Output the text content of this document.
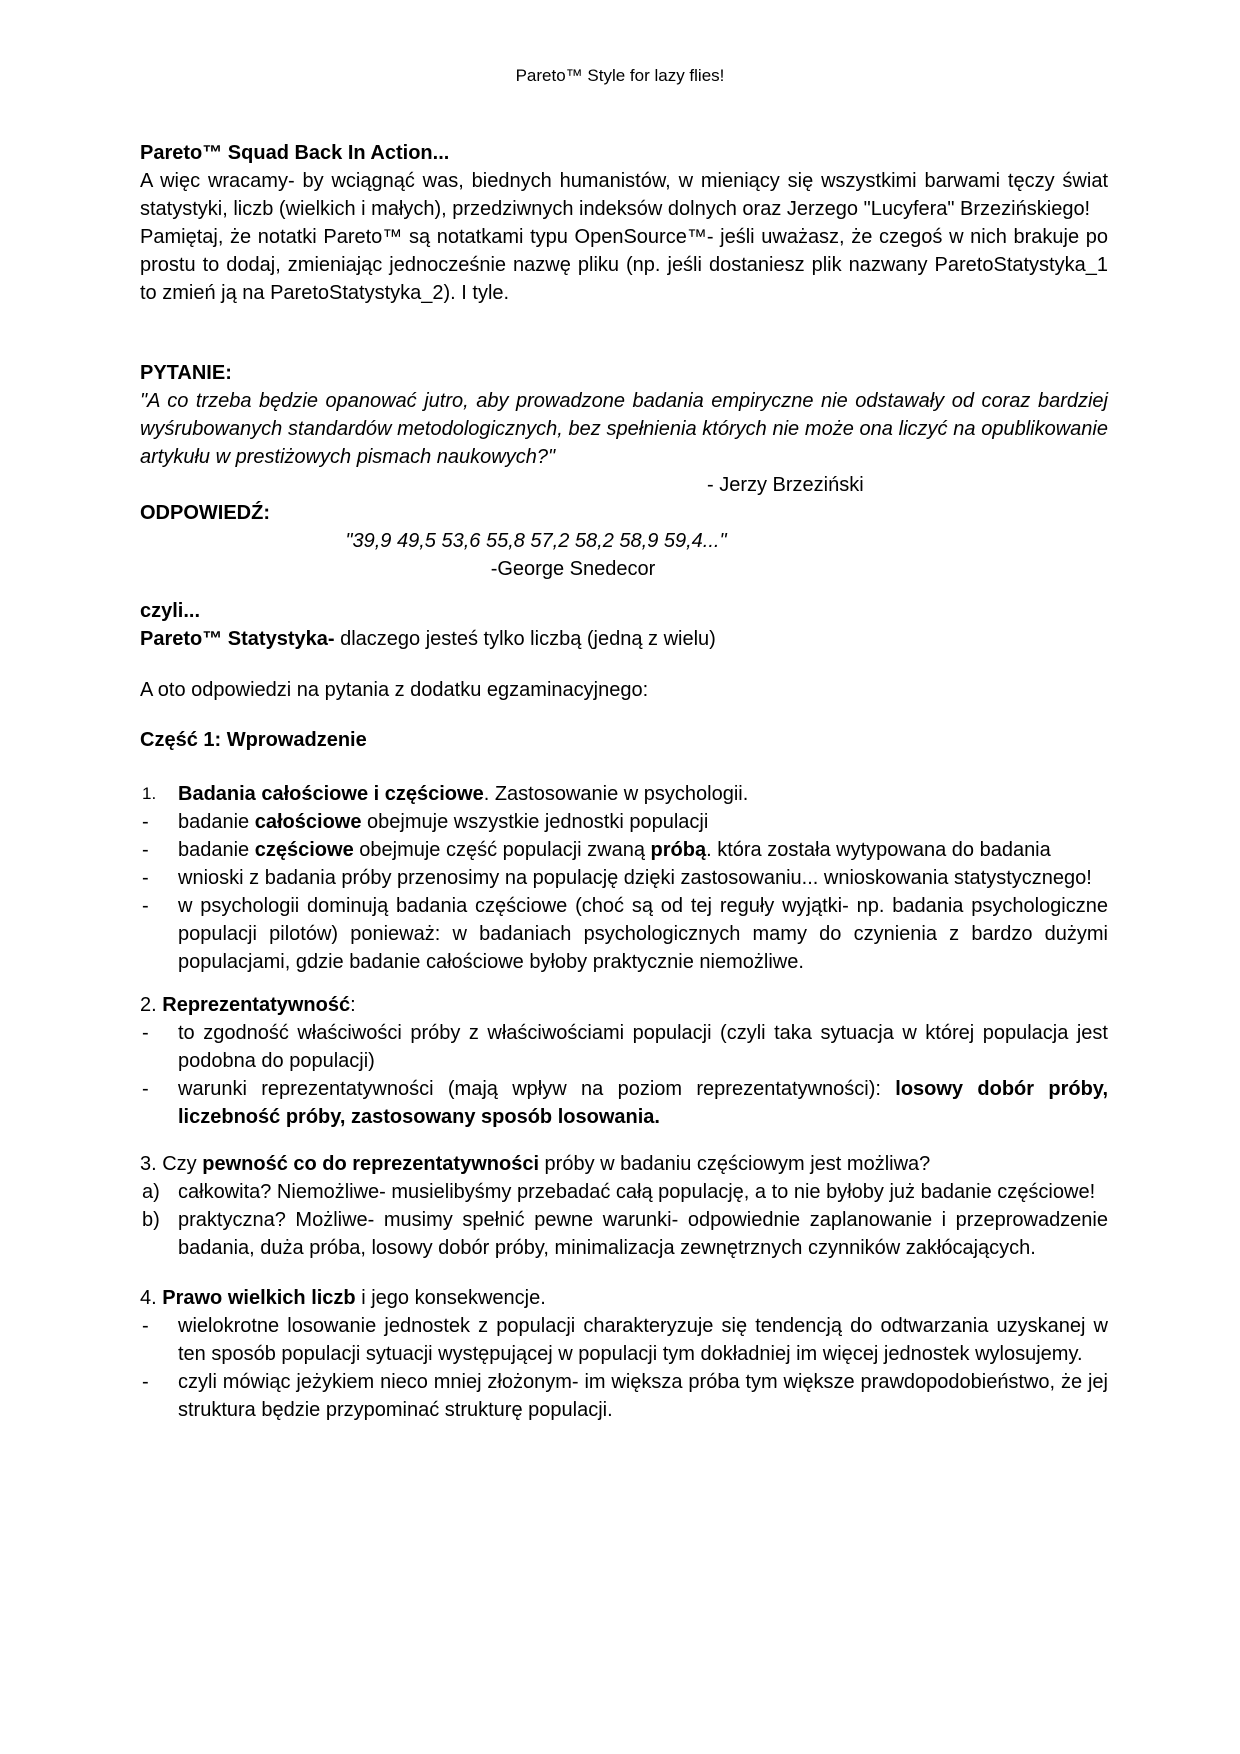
Pareto™ Style for lazy flies!

Pareto™ Squad Back In Action...

A więc wracamy- by wciągnąć was, biednych humanistów, w mieniący się wszystkimi barwami tęczy świat statystyki, liczb (wielkich i małych), przedziwnych indeksów dolnych oraz Jerzego "Lucyfera" Brzezińskiego!

Pamiętaj, że notatki Pareto™ są notatkami typu OpenSource™- jeśli uważasz, że czegoś w nich brakuje po prostu to dodaj, zmieniając jednocześnie nazwę pliku (np. jeśli dostaniesz plik nazwany ParetoStatystyka_1 to zmień ją na ParetoStatystyka_2). I tyle.

PYTANIE:

"A co trzeba będzie opanować jutro, aby prowadzone badania empiryczne nie odstawały od coraz bardziej wyśrubowanych standardów metodologicznych, bez spełnienia których nie może ona liczyć na opublikowanie artykułu w prestiżowych pismach naukowych?"

- Jerzy Brzeziński

ODPOWIEDŹ:

"39,9 49,5 53,6 55,8 57,2 58,2 58,9 59,4..."

-George Snedecor

czyli...

Pareto™ Statystyka- dlaczego jesteś tylko liczbą (jedną z wielu)

A oto odpowiedzi na pytania z dodatku egzaminacyjnego:

Część 1: Wprowadzenie

1.	Badania całościowe i częściowe. Zastosowanie w psychologii.
-	badanie całościowe obejmuje wszystkie jednostki populacji
-	badanie częściowe obejmuje część populacji zwaną próbą. która została wytypowana do badania
-	wnioski z badania próby przenosimy na populację dzięki zastosowaniu... wnioskowania statystycznego!
-	w psychologii dominują badania częściowe (choć są od tej reguły wyjątki- np. badania psychologiczne populacji pilotów) ponieważ: w badaniach psychologicznych mamy do czynienia z bardzo dużymi populacjami, gdzie badanie całościowe byłoby praktycznie niemożliwe.

2. Reprezentatywność:

-	to zgodność właściwości próby z właściwościami populacji (czyli taka sytuacja w której populacja jest podobna do populacji)
-	warunki reprezentatywności (mają wpływ na poziom reprezentatywności): losowy dobór próby, liczebność próby, zastosowany sposób losowania.

3. Czy pewność co do reprezentatywności próby w badaniu częściowym jest możliwa?

a) całkowita? Niemożliwe- musielibyśmy przebadać całą populację, a to nie byłoby już badanie częściowe!
b) praktyczna? Możliwe- musimy spełnić pewne warunki- odpowiednie zaplanowanie i przeprowadzenie badania, duża próba, losowy dobór próby, minimalizacja zewnętrznych czynników zakłócających.

4. Prawo wielkich liczb i jego konsekwencje.

-	wielokrotne losowanie jednostek z populacji charakteryzuje się tendencją do odtwarzania uzyskanej w ten sposób populacji sytuacji występującej w populacji tym dokładniej im więcej jednostek wylosujemy.
-	czyli mówiąc jeżykiem nieco mniej złożonym- im większa próba tym większe prawdopodobieństwo, że jej struktura będzie przypominać strukturę populacji.
